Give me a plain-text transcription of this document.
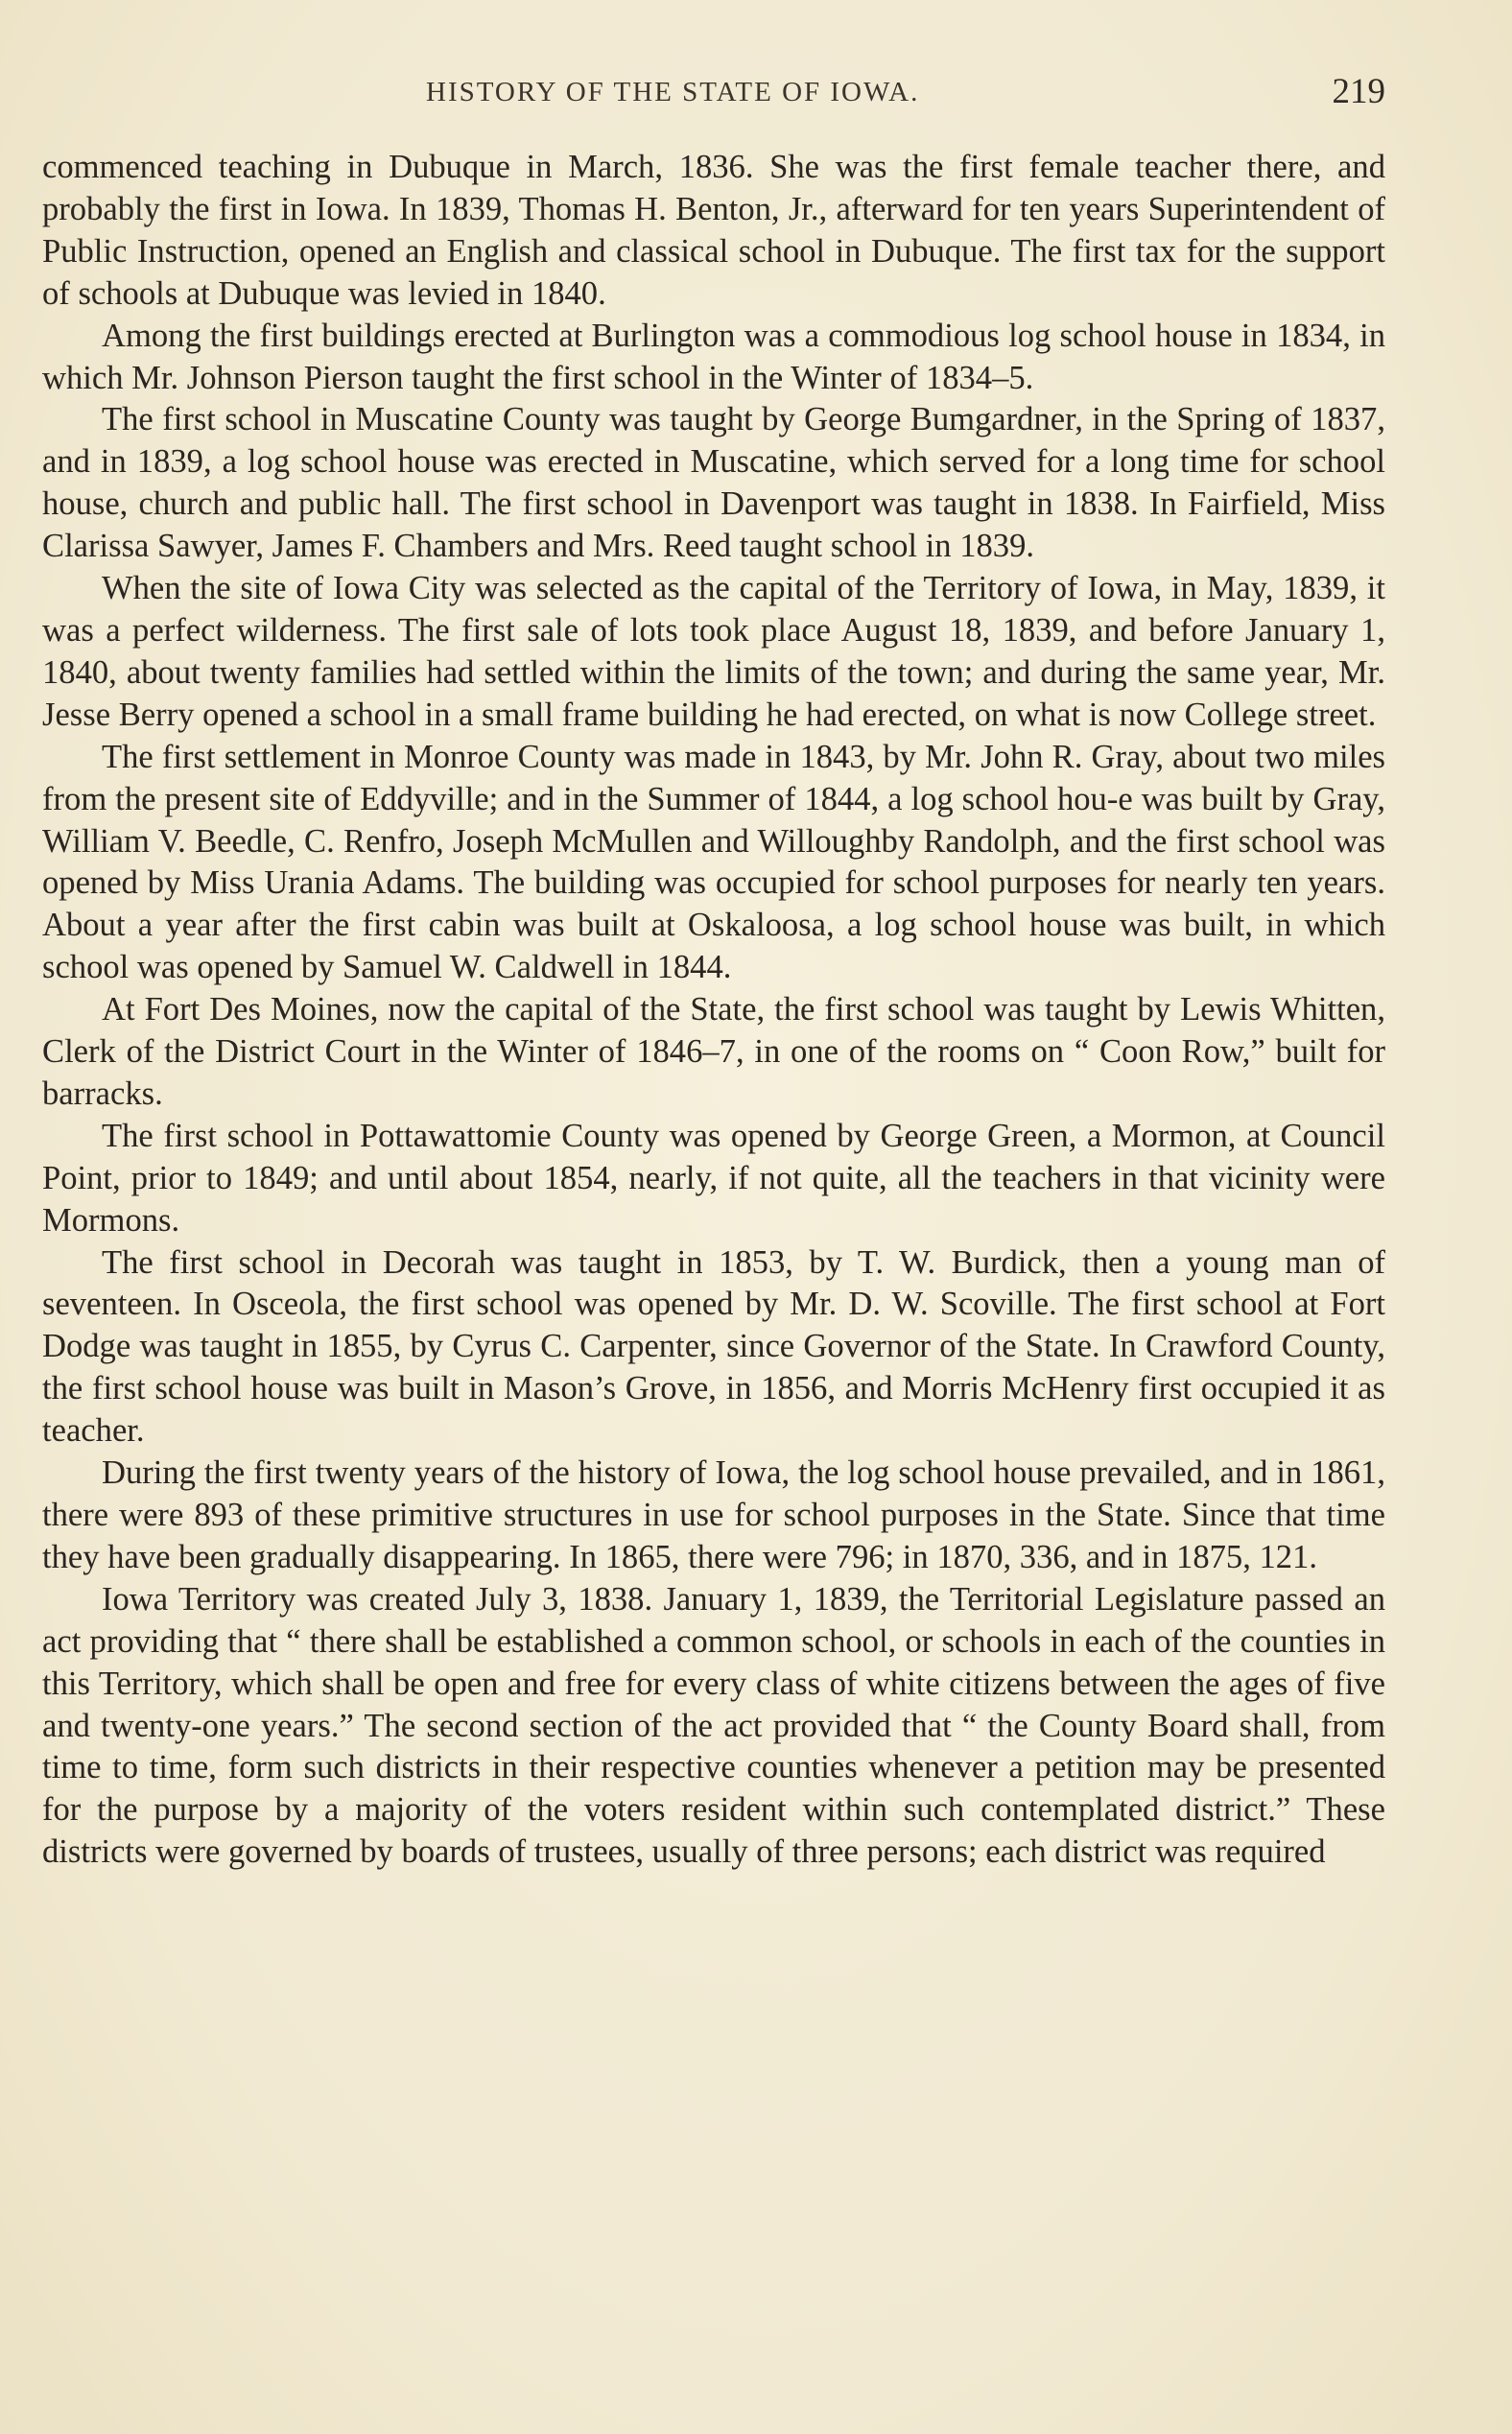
HISTORY OF THE STATE OF IOWA.	219

commenced teaching in Dubuque in March, 1836. She was the first female teacher there, and probably the first in Iowa. In 1839, Thomas H. Benton, Jr., afterward for ten years Superintendent of Public Instruction, opened an English and classical school in Dubuque. The first tax for the support of schools at Dubuque was levied in 1840.

Among the first buildings erected at Burlington was a commodious log school house in 1834, in which Mr. Johnson Pierson taught the first school in the Winter of 1834–5.

The first school in Muscatine County was taught by George Bumgardner, in the Spring of 1837, and in 1839, a log school house was erected in Muscatine, which served for a long time for school house, church and public hall. The first school in Davenport was taught in 1838. In Fairfield, Miss Clarissa Sawyer, James F. Chambers and Mrs. Reed taught school in 1839.

When the site of Iowa City was selected as the capital of the Territory of Iowa, in May, 1839, it was a perfect wilderness. The first sale of lots took place August 18, 1839, and before January 1, 1840, about twenty families had settled within the limits of the town; and during the same year, Mr. Jesse Berry opened a school in a small frame building he had erected, on what is now College street.

The first settlement in Monroe County was made in 1843, by Mr. John R. Gray, about two miles from the present site of Eddyville; and in the Summer of 1844, a log school hou-e was built by Gray, William V. Beedle, C. Renfro, Joseph McMullen and Willoughby Randolph, and the first school was opened by Miss Urania Adams. The building was occupied for school purposes for nearly ten years. About a year after the first cabin was built at Oskaloosa, a log school house was built, in which school was opened by Samuel W. Caldwell in 1844.

At Fort Des Moines, now the capital of the State, the first school was taught by Lewis Whitten, Clerk of the District Court in the Winter of 1846–7, in one of the rooms on “ Coon Row,” built for barracks.

The first school in Pottawattomie County was opened by George Green, a Mormon, at Council Point, prior to 1849; and until about 1854, nearly, if not quite, all the teachers in that vicinity were Mormons.

The first school in Decorah was taught in 1853, by T. W. Burdick, then a young man of seventeen. In Osceola, the first school was opened by Mr. D. W. Scoville. The first school at Fort Dodge was taught in 1855, by Cyrus C. Carpenter, since Governor of the State. In Crawford County, the first school house was built in Mason’s Grove, in 1856, and Morris McHenry first occupied it as teacher.

During the first twenty years of the history of Iowa, the log school house prevailed, and in 1861, there were 893 of these primitive structures in use for school purposes in the State. Since that time they have been gradually disappearing. In 1865, there were 796; in 1870, 336, and in 1875, 121.

Iowa Territory was created July 3, 1838. January 1, 1839, the Territorial Legislature passed an act providing that “ there shall be established a common school, or schools in each of the counties in this Territory, which shall be open and free for every class of white citizens between the ages of five and twenty-one years.” The second section of the act provided that “ the County Board shall, from time to time, form such districts in their respective counties whenever a petition may be presented for the purpose by a majority of the voters resident within such contemplated district.” These districts were governed by boards of trustees, usually of three persons; each district was required
